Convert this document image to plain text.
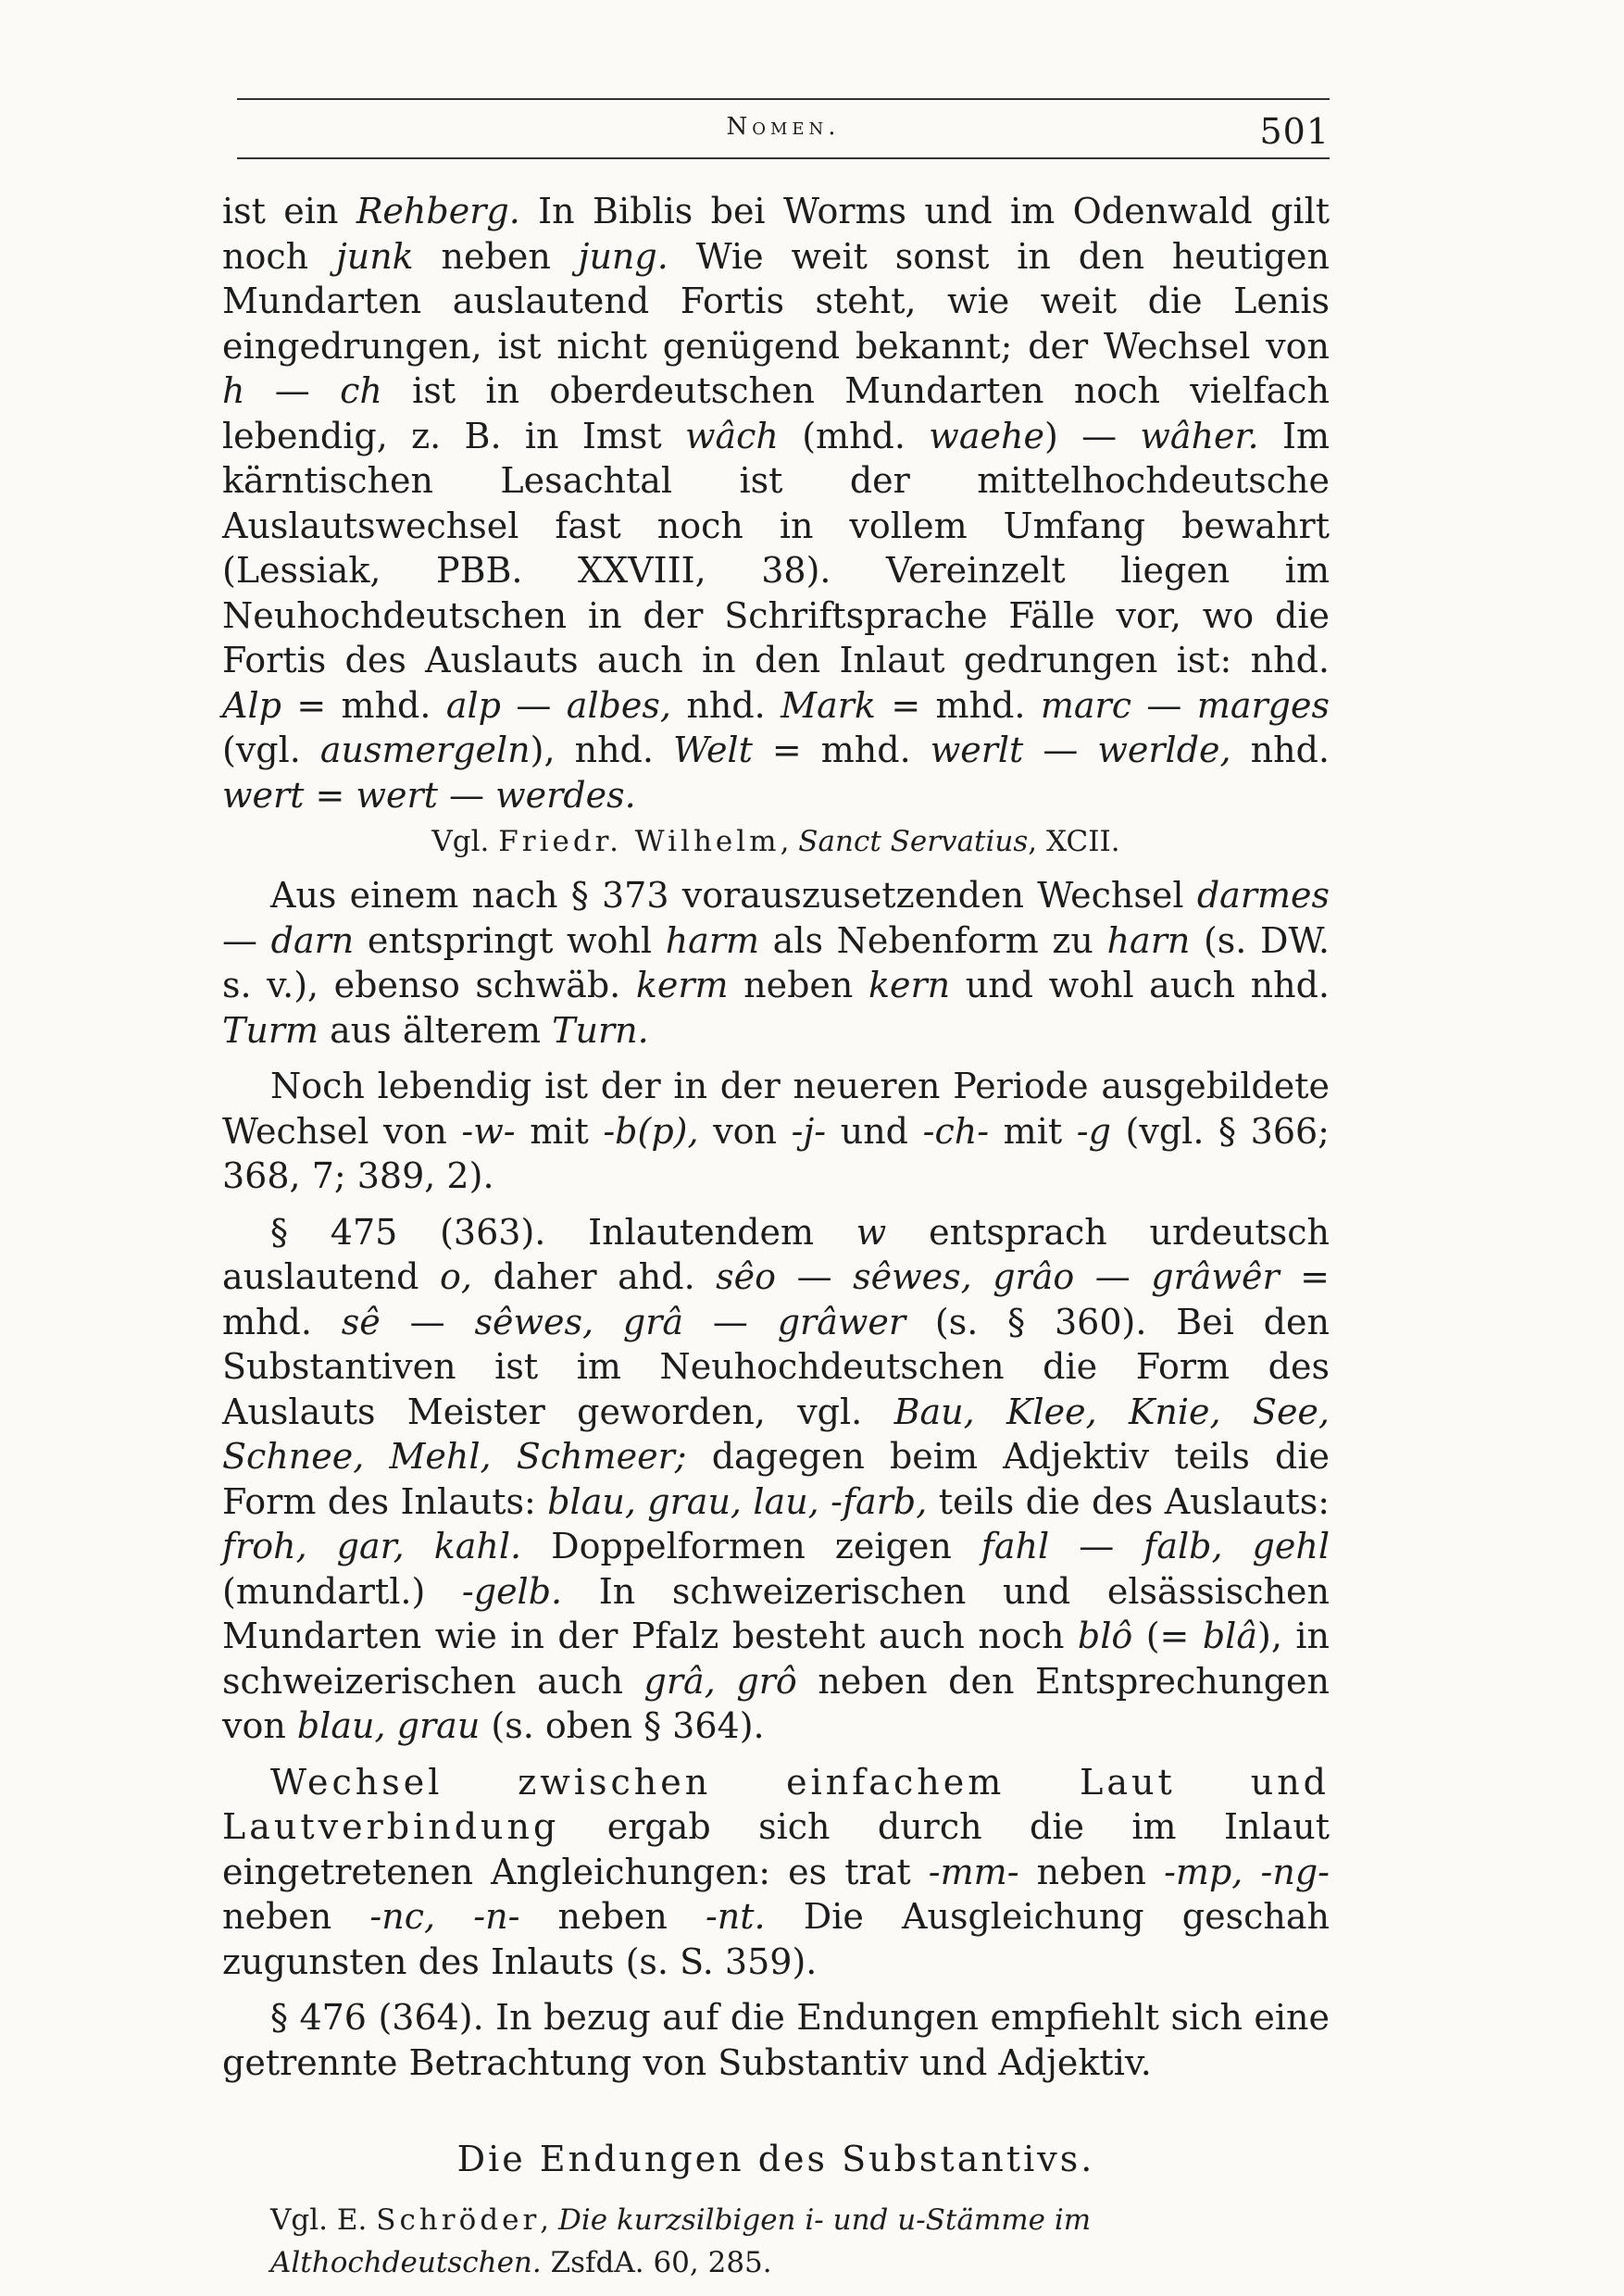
Nomen.	501

ist ein Rehberg. In Biblis bei Worms und im Odenwald gilt noch junk neben jung. Wie weit sonst in den heutigen Mundarten auslautend Fortis steht, wie weit die Lenis eingedrungen, ist nicht genügend bekannt; der Wechsel von h — ch ist in oberdeutschen Mundarten noch vielfach lebendig, z. B. in Imst wâch (mhd. waehe) — wâher. Im kärntischen Lesachtal ist der mittelhochdeutsche Auslautswechsel fast noch in vollem Umfang bewahrt (Lessiak, PBB. XXVIII, 38). Vereinzelt liegen im Neuhochdeutschen in der Schriftsprache Fälle vor, wo die Fortis des Auslauts auch in den Inlaut gedrungen ist: nhd. Alp = mhd. alp — albes, nhd. Mark = mhd. marc — marges (vgl. ausmergeln), nhd. Welt = mhd. werlt — werlde, nhd. wert = wert — werdes.

Vgl. Friedr. Wilhelm, Sanct Servatius, XCII.

Aus einem nach § 373 vorauszusetzenden Wechsel darmes — darn entspringt wohl harm als Nebenform zu harn (s. DW. s. v.), ebenso schwäb. kerm neben kern und wohl auch nhd. Turm aus älterem Turn.

Noch lebendig ist der in der neueren Periode ausgebildete Wechsel von -w- mit -b(p), von -j- und -ch- mit -g (vgl. § 366; 368, 7; 389, 2).

§ 475 (363). Inlautendem w entsprach urdeutsch auslautend o, daher ahd. sêo — sêwes, grâo — grâwêr = mhd. sê — sêwes, grâ — grâwer (s. § 360). Bei den Substantiven ist im Neuhochdeutschen die Form des Auslauts Meister geworden, vgl. Bau, Klee, Knie, See, Schnee, Mehl, Schmeer; dagegen beim Adjektiv teils die Form des Inlauts: blau, grau, lau, -farb, teils die des Auslauts: froh, gar, kahl. Doppelformen zeigen fahl — falb, gehl (mundartl.) -gelb. In schweizerischen und elsässischen Mundarten wie in der Pfalz besteht auch noch blô (= blâ), in schweizerischen auch grâ, grô neben den Entsprechungen von blau, grau (s. oben § 364).

Wechsel zwischen einfachem Laut und Lautverbindung ergab sich durch die im Inlaut eingetretenen Angleichungen: es trat -mm- neben -mp, -ng- neben -nc, -n- neben -nt. Die Ausgleichung geschah zugunsten des Inlauts (s. S. 359).

§ 476 (364). In bezug auf die Endungen empfiehlt sich eine getrennte Betrachtung von Substantiv und Adjektiv.

Die Endungen des Substantivs.

Vgl. E. Schröder, Die kurzsilbigen i- und u-Stämme im Althochdeutschen. ZsfdA. 60, 285.
